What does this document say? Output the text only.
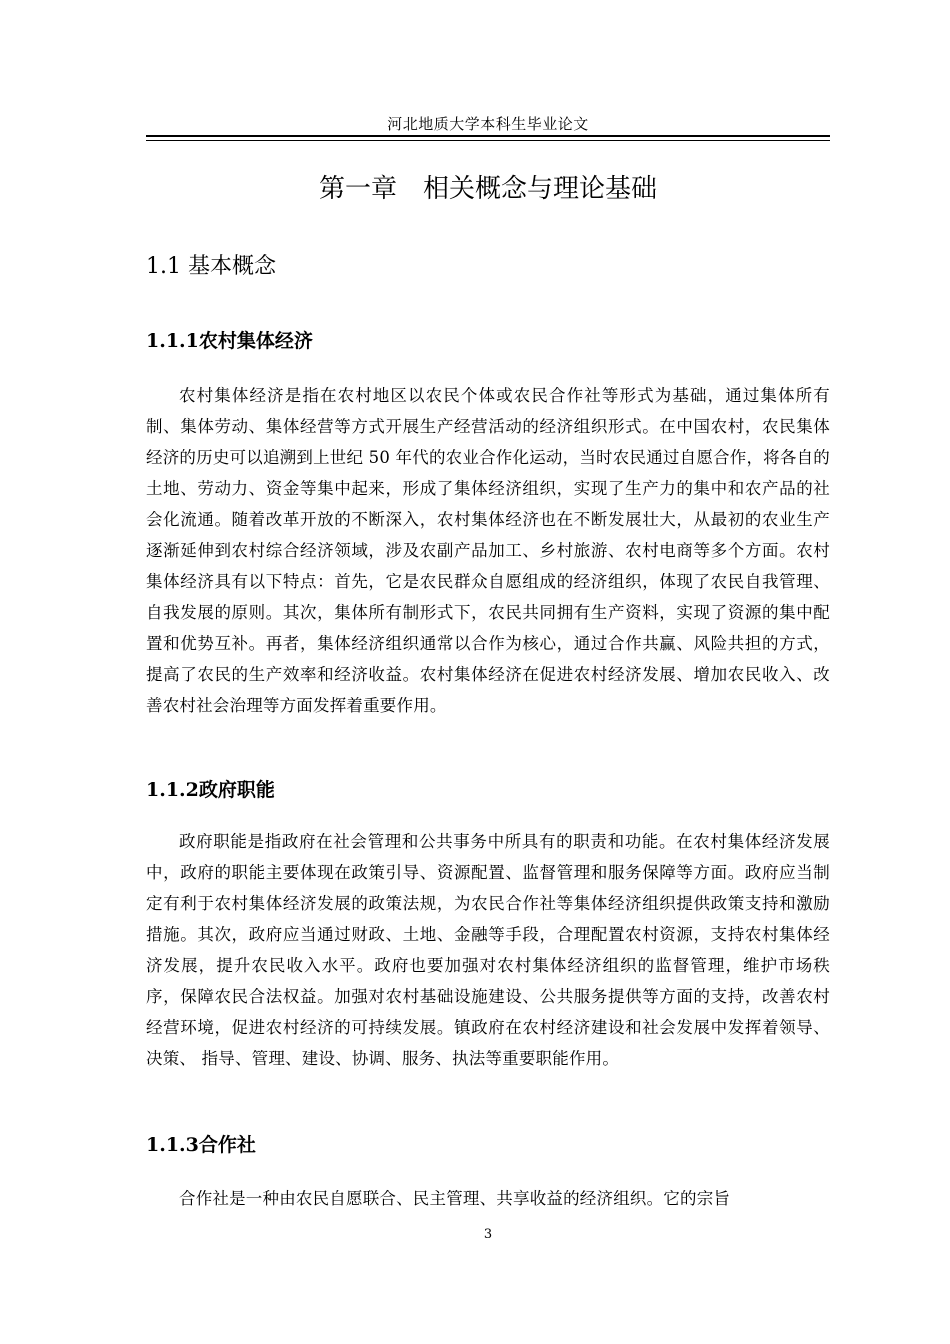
河北地质大学本科生毕业论文
第一章　相关概念与理论基础
1.1 基本概念
1.1.1农村集体经济
农村集体经济是指在农村地区以农民个体或农民合作社等形式为基础，通过集体所有制、集体劳动、集体经营等方式开展生产经营活动的经济组织形式。在中国农村，农民集体经济的历史可以追溯到上世纪 50 年代的农业合作化运动，当时农民通过自愿合作，将各自的土地、劳动力、资金等集中起来，形成了集体经济组织，实现了生产力的集中和农产品的社会化流通。随着改革开放的不断深入，农村集体经济也在不断发展壮大，从最初的农业生产逐渐延伸到农村综合经济领域，涉及农副产品加工、乡村旅游、农村电商等多个方面。农村集体经济具有以下特点：首先，它是农民群众自愿组成的经济组织，体现了农民自我管理、自我发展的原则。其次，集体所有制形式下，农民共同拥有生产资料，实现了资源的集中配置和优势互补。再者，集体经济组织通常以合作为核心，通过合作共赢、风险共担的方式，提高了农民的生产效率和经济收益。农村集体经济在促进农村经济发展、增加农民收入、改善农村社会治理等方面发挥着重要作用。
1.1.2政府职能
政府职能是指政府在社会管理和公共事务中所具有的职责和功能。在农村集体经济发展中，政府的职能主要体现在政策引导、资源配置、监督管理和服务保障等方面。政府应当制定有利于农村集体经济发展的政策法规，为农民合作社等集体经济组织提供政策支持和激励措施。其次，政府应当通过财政、土地、金融等手段，合理配置农村资源，支持农村集体经济发展，提升农民收入水平。政府也要加强对农村集体经济组织的监督管理，维护市场秩序，保障农民合法权益。加强对农村基础设施建设、公共服务提供等方面的支持，改善农村经营环境，促进农村经济的可持续发展。镇政府在农村经济建设和社会发展中发挥着领导、决策、 指导、管理、建设、协调、服务、执法等重要职能作用。
1.1.3合作社
合作社是一种由农民自愿联合、民主管理、共享收益的经济组织。它的宗旨
3
